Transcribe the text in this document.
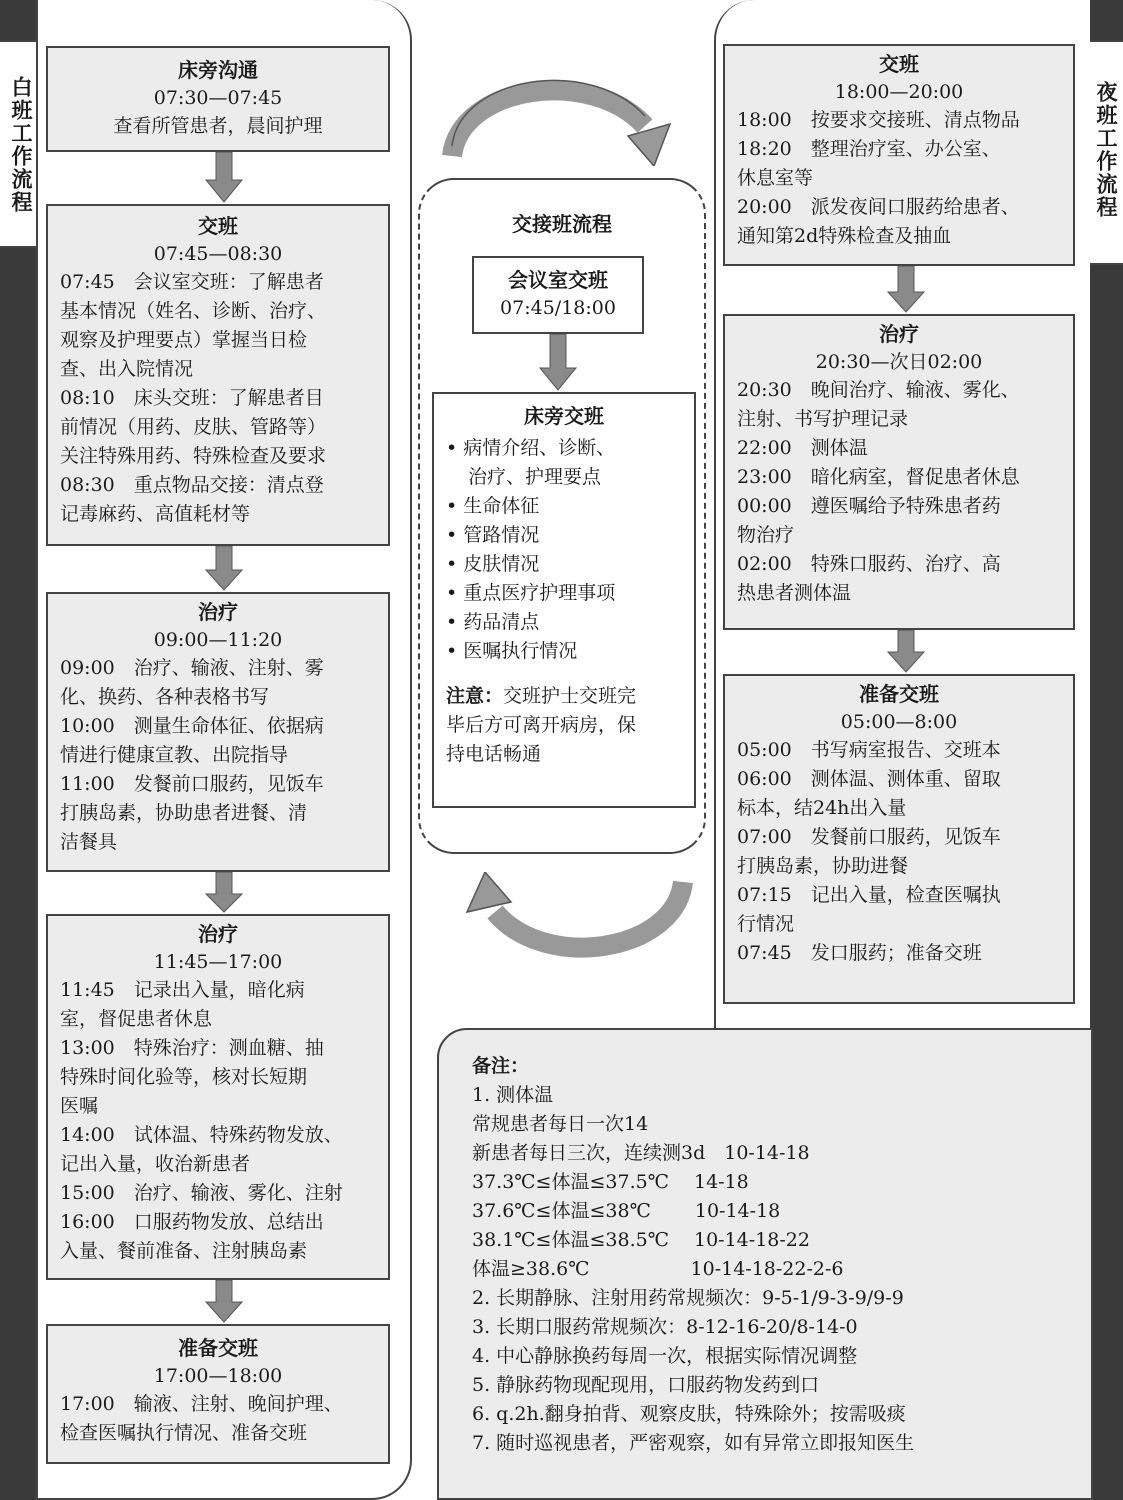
白班工作流程	夜班工作流程
床旁沟通
07:30—07:45
查看所管患者，晨间护理
交班
07:45—08:30
07:45　会议室交班：了解患者
基本情况（姓名、诊断、治疗、
观察及护理要点）掌握当日检
查、出入院情况
08:10　床头交班：了解患者目
前情况（用药、皮肤、管路等）
关注特殊用药、特殊检查及要求
08:30　重点物品交接：清点登
记毒麻药、高值耗材等
治疗
09:00—11:20
09:00　治疗、输液、注射、雾
化、换药、各种表格书写
10:00　测量生命体征、依据病
情进行健康宣教、出院指导
11:00　发餐前口服药，见饭车
打胰岛素，协助患者进餐、清
洁餐具
治疗
11:45—17:00
11:45　记录出入量，暗化病
室，督促患者休息
13:00　特殊治疗：测血糖、抽
特殊时间化验等，核对长短期
医嘱
14:00　试体温、特殊药物发放、
记出入量，收治新患者
15:00　治疗、输液、雾化、注射
16:00　口服药物发放、总结出
入量、餐前准备、注射胰岛素
准备交班
17:00—18:00
17:00　输液、注射、晚间护理、
检查医嘱执行情况、准备交班
交班
18:00—20:00
18:00　按要求交接班、清点物品
18:20　整理治疗室、办公室、
休息室等
20:00　派发夜间口服药给患者、
通知第2d特殊检查及抽血
治疗
20:30—次日02:00
20:30　晚间治疗、输液、雾化、
注射、书写护理记录
22:00　测体温
23:00　暗化病室，督促患者休息
00:00　遵医嘱给予特殊患者药
物治疗
02:00　特殊口服药、治疗、高
热患者测体温
准备交班
05:00—8:00
05:00　书写病室报告、交班本
06:00　测体温、测体重、留取
标本，结24h出入量
07:00　发餐前口服药，见饭车
打胰岛素，协助进餐
07:15　记出入量，检查医嘱执
行情况
07:45　发口服药；准备交班
交接班流程
会议室交班
07:45/18:00
床旁交班
• 病情介绍、诊断、
治疗、护理要点
• 生命体征
• 管路情况
• 皮肤情况
• 重点医疗护理事项
• 药品清点
• 医嘱执行情况
注意：交班护士交班完
毕后方可离开病房，保
持电话畅通
备注：
1. 测体温
常规患者每日一次14
新患者每日三次，连续测3d　10-14-18
37.3℃≤体温≤37.5℃　 14-18
37.6℃≤体温≤38℃　　 10-14-18
38.1℃≤体温≤38.5℃　 10-14-18-22
体温≥38.6℃　　　　　 10-14-18-22-2-6
2. 长期静脉、注射用药常规频次：9-5-1/9-3-9/9-9
3. 长期口服药常规频次：8-12-16-20/8-14-0
4. 中心静脉换药每周一次，根据实际情况调整
5. 静脉药物现配现用，口服药物发药到口
6. q.2h.翻身拍背、观察皮肤，特殊除外；按需吸痰
7. 随时巡视患者，严密观察，如有异常立即报知医生
